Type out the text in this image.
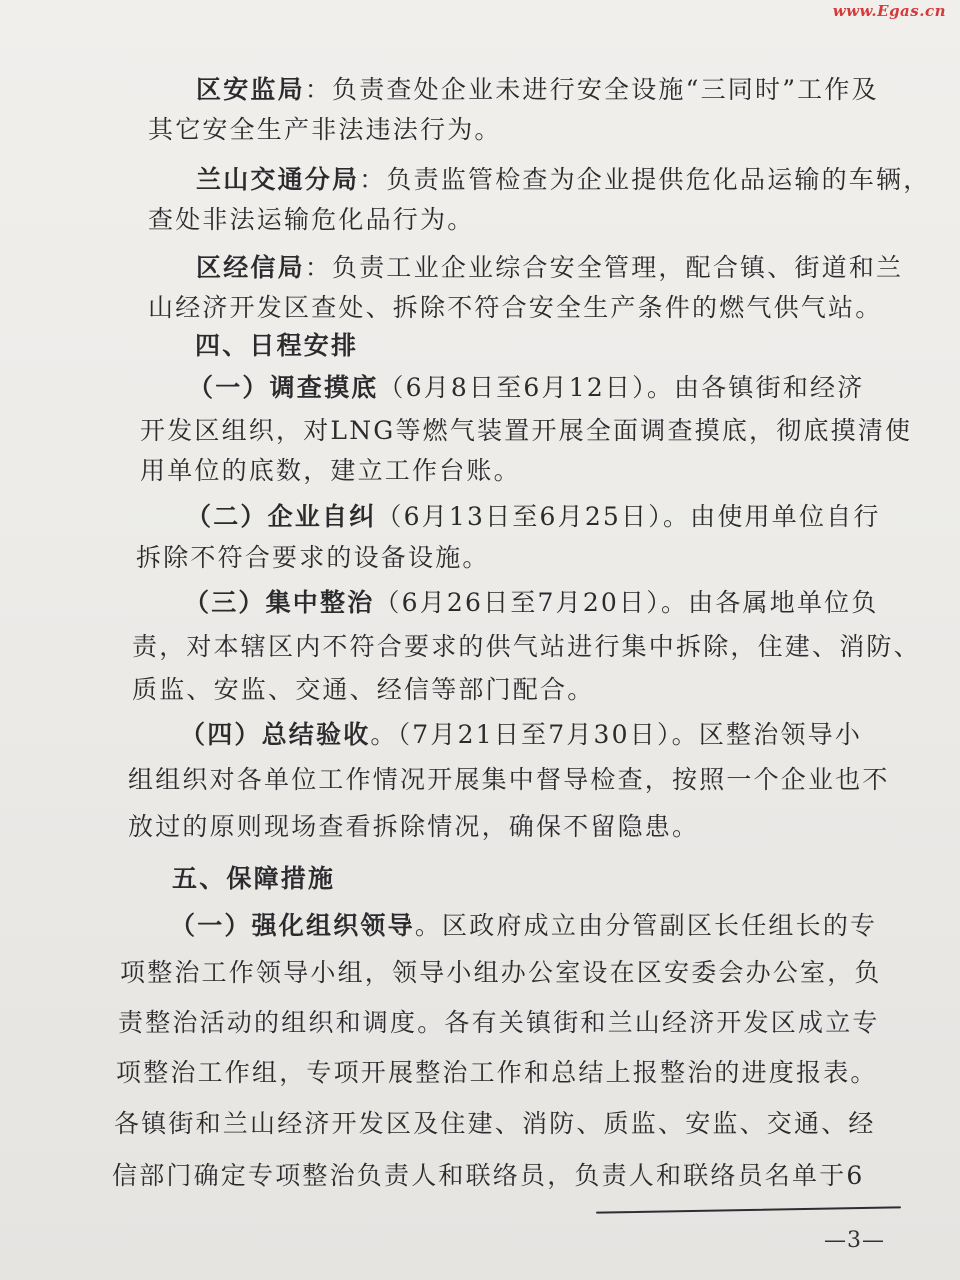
www.Egas.cn
区安监局：负责查处企业未进行安全设施“三同时”工作及
其它安全生产非法违法行为。
兰山交通分局：负责监管检查为企业提供危化品运输的车辆，
查处非法运输危化品行为。
区经信局：负责工业企业综合安全管理，配合镇、街道和兰
山经济开发区查处、拆除不符合安全生产条件的燃气供气站。
四、日程安排
（一）调查摸底（6月8日至6月12日）。由各镇街和经济
开发区组织，对LNG等燃气装置开展全面调查摸底，彻底摸清使
用单位的底数，建立工作台账。
（二）企业自纠（6月13日至6月25日）。由使用单位自行
拆除不符合要求的设备设施。
（三）集中整治（6月26日至7月20日）。由各属地单位负
责，对本辖区内不符合要求的供气站进行集中拆除，住建、消防、
质监、安监、交通、经信等部门配合。
（四）总结验收。（7月21日至7月30日）。区整治领导小
组组织对各单位工作情况开展集中督导检查，按照一个企业也不
放过的原则现场查看拆除情况，确保不留隐患。
五、保障措施
（一）强化组织领导。区政府成立由分管副区长任组长的专
项整治工作领导小组，领导小组办公室设在区安委会办公室，负
责整治活动的组织和调度。各有关镇街和兰山经济开发区成立专
项整治工作组，专项开展整治工作和总结上报整治的进度报表。
各镇街和兰山经济开发区及住建、消防、质监、安监、交通、经
信部门确定专项整治负责人和联络员，负责人和联络员名单于6
—3—
